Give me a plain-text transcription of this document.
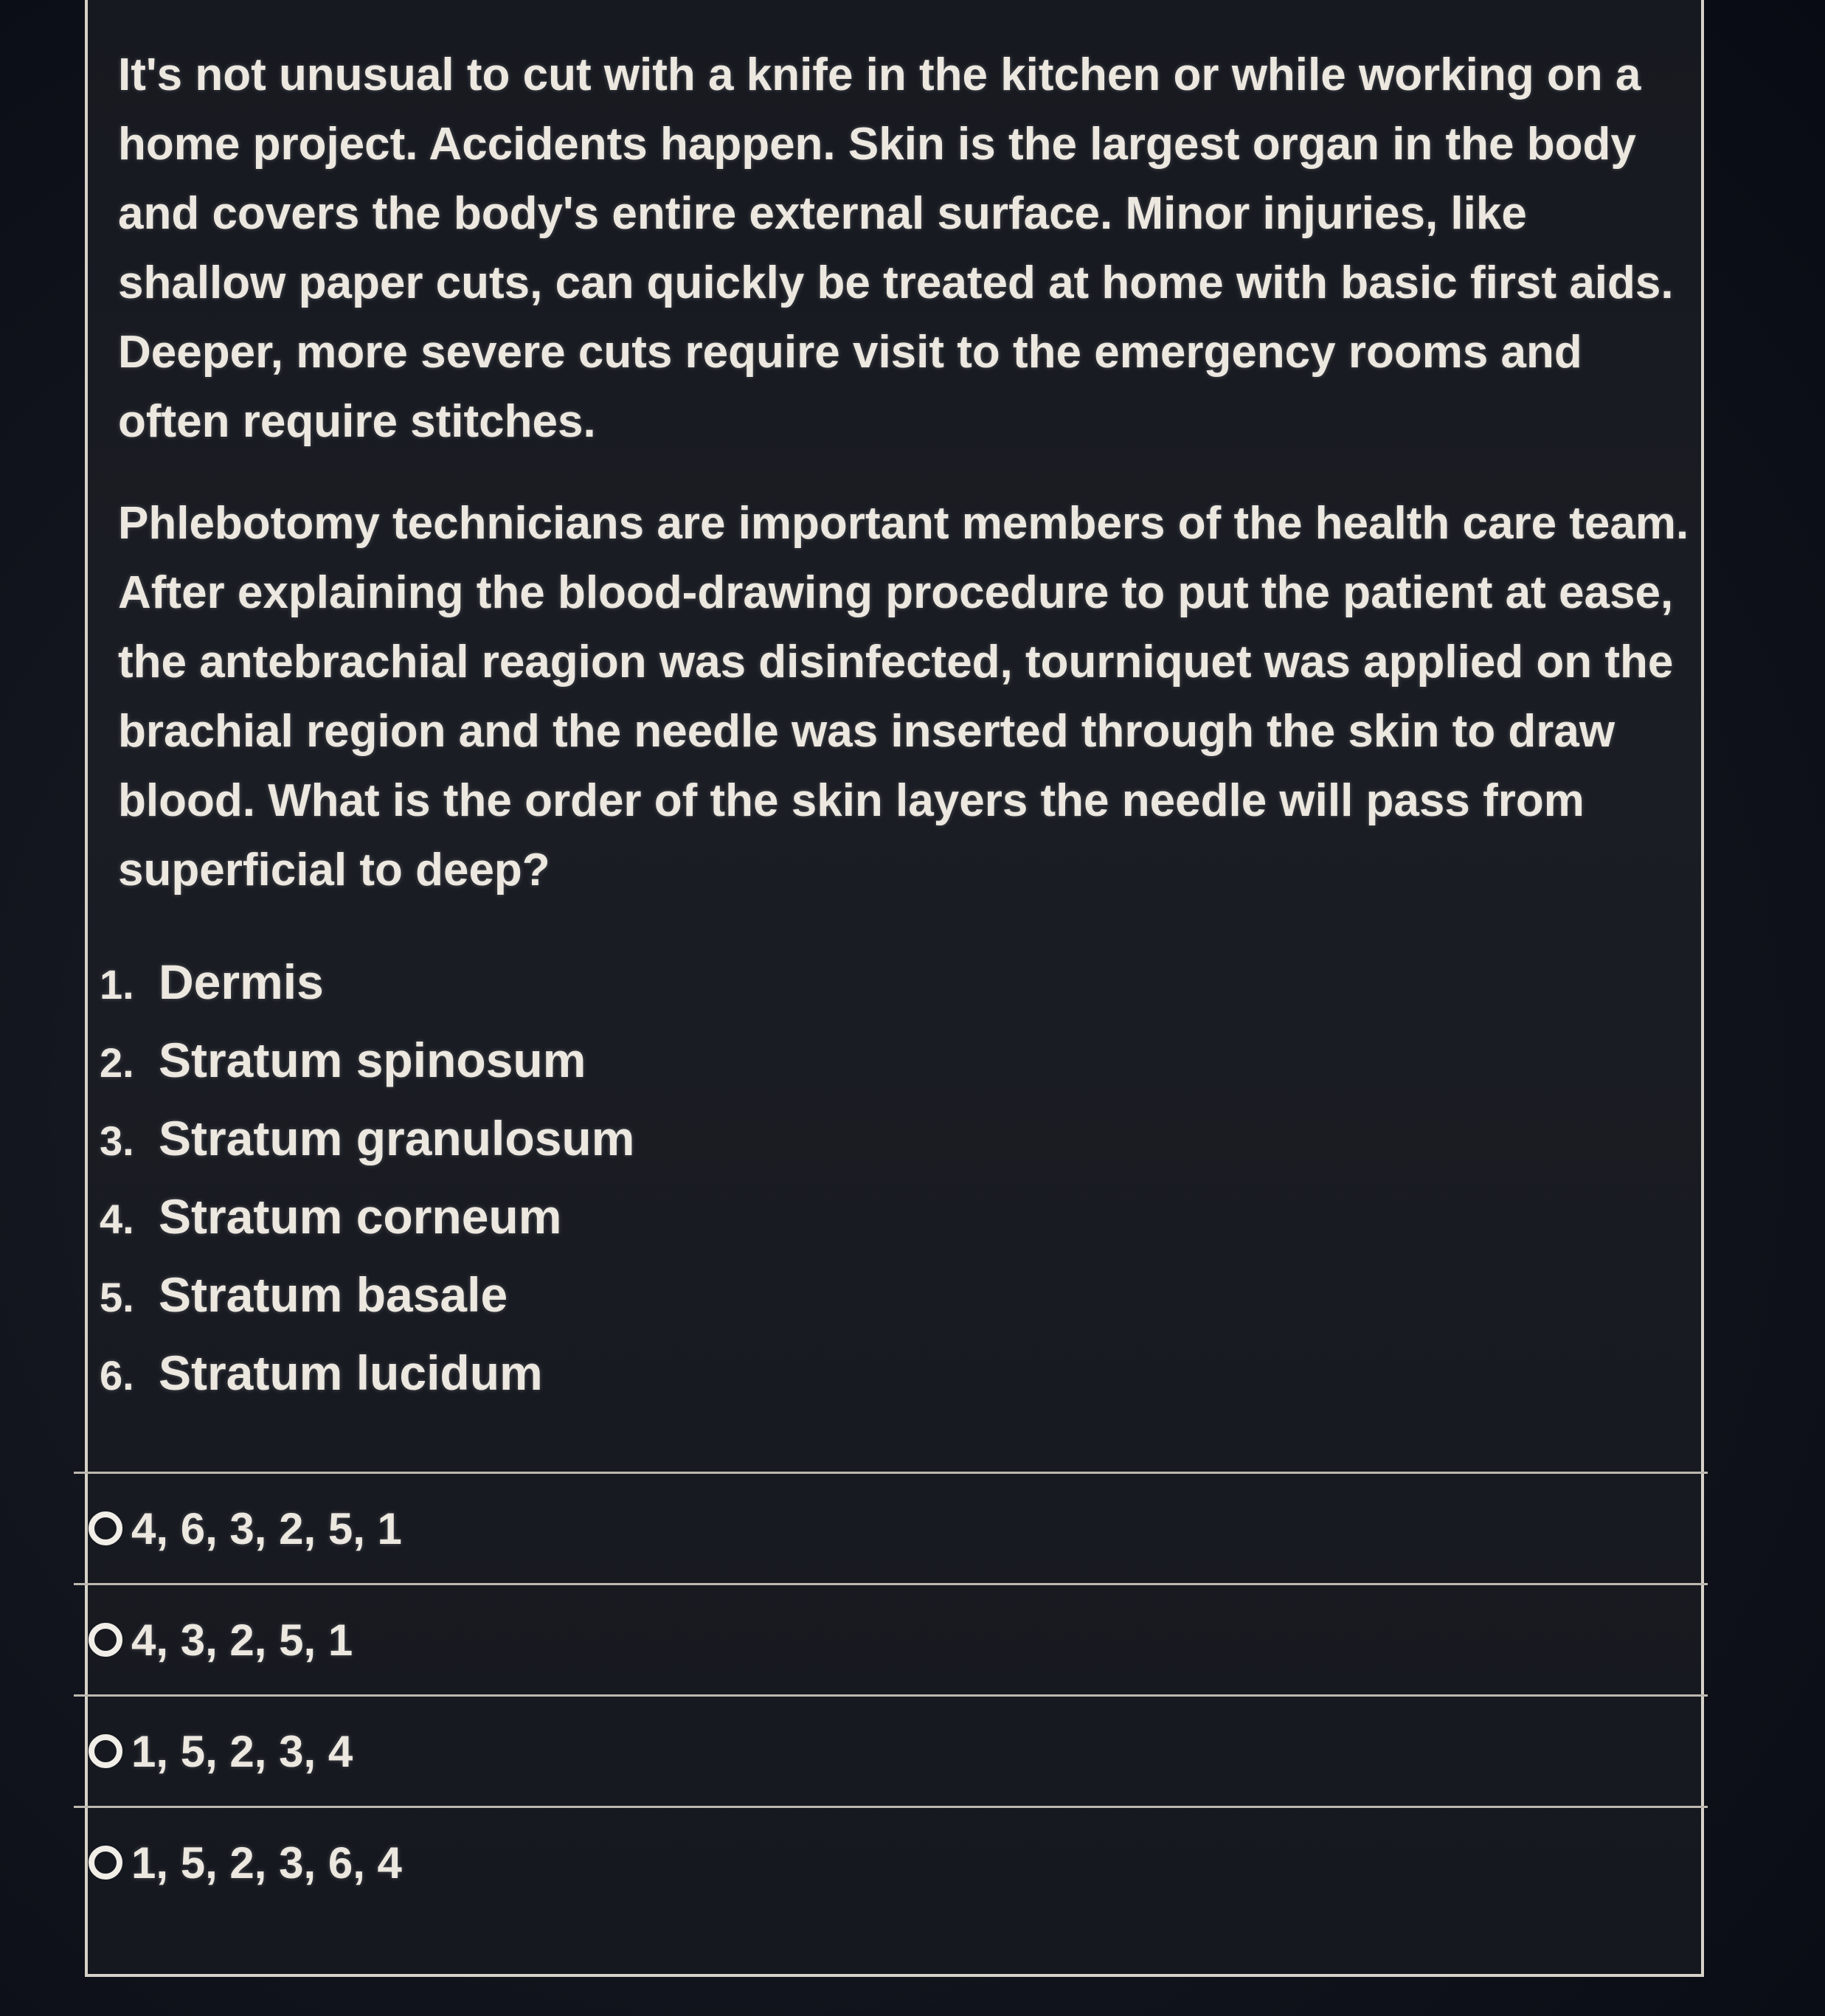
It's not unusual to cut with a knife in the kitchen or while working on a home project. Accidents happen. Skin is the largest organ in the body and covers the body's entire external surface. Minor injuries, like shallow paper cuts, can quickly be treated at home with basic first aids. Deeper, more severe cuts require visit to the emergency rooms and often require stitches.

Phlebotomy technicians are important members of the health care team. After explaining the blood-drawing procedure to put the patient at ease, the antebrachial reagion was disinfected, tourniquet was applied on the brachial region and the needle was inserted through the skin to draw blood. What is the order of the skin layers the needle will pass from superficial to deep?

1. Dermis
2. Stratum spinosum
3. Stratum granulosum
4. Stratum corneum
5. Stratum basale
6. Stratum lucidum
4, 6, 3, 2, 5, 1
4, 3, 2, 5, 1
1, 5, 2, 3, 4
1, 5, 2, 3, 6, 4
